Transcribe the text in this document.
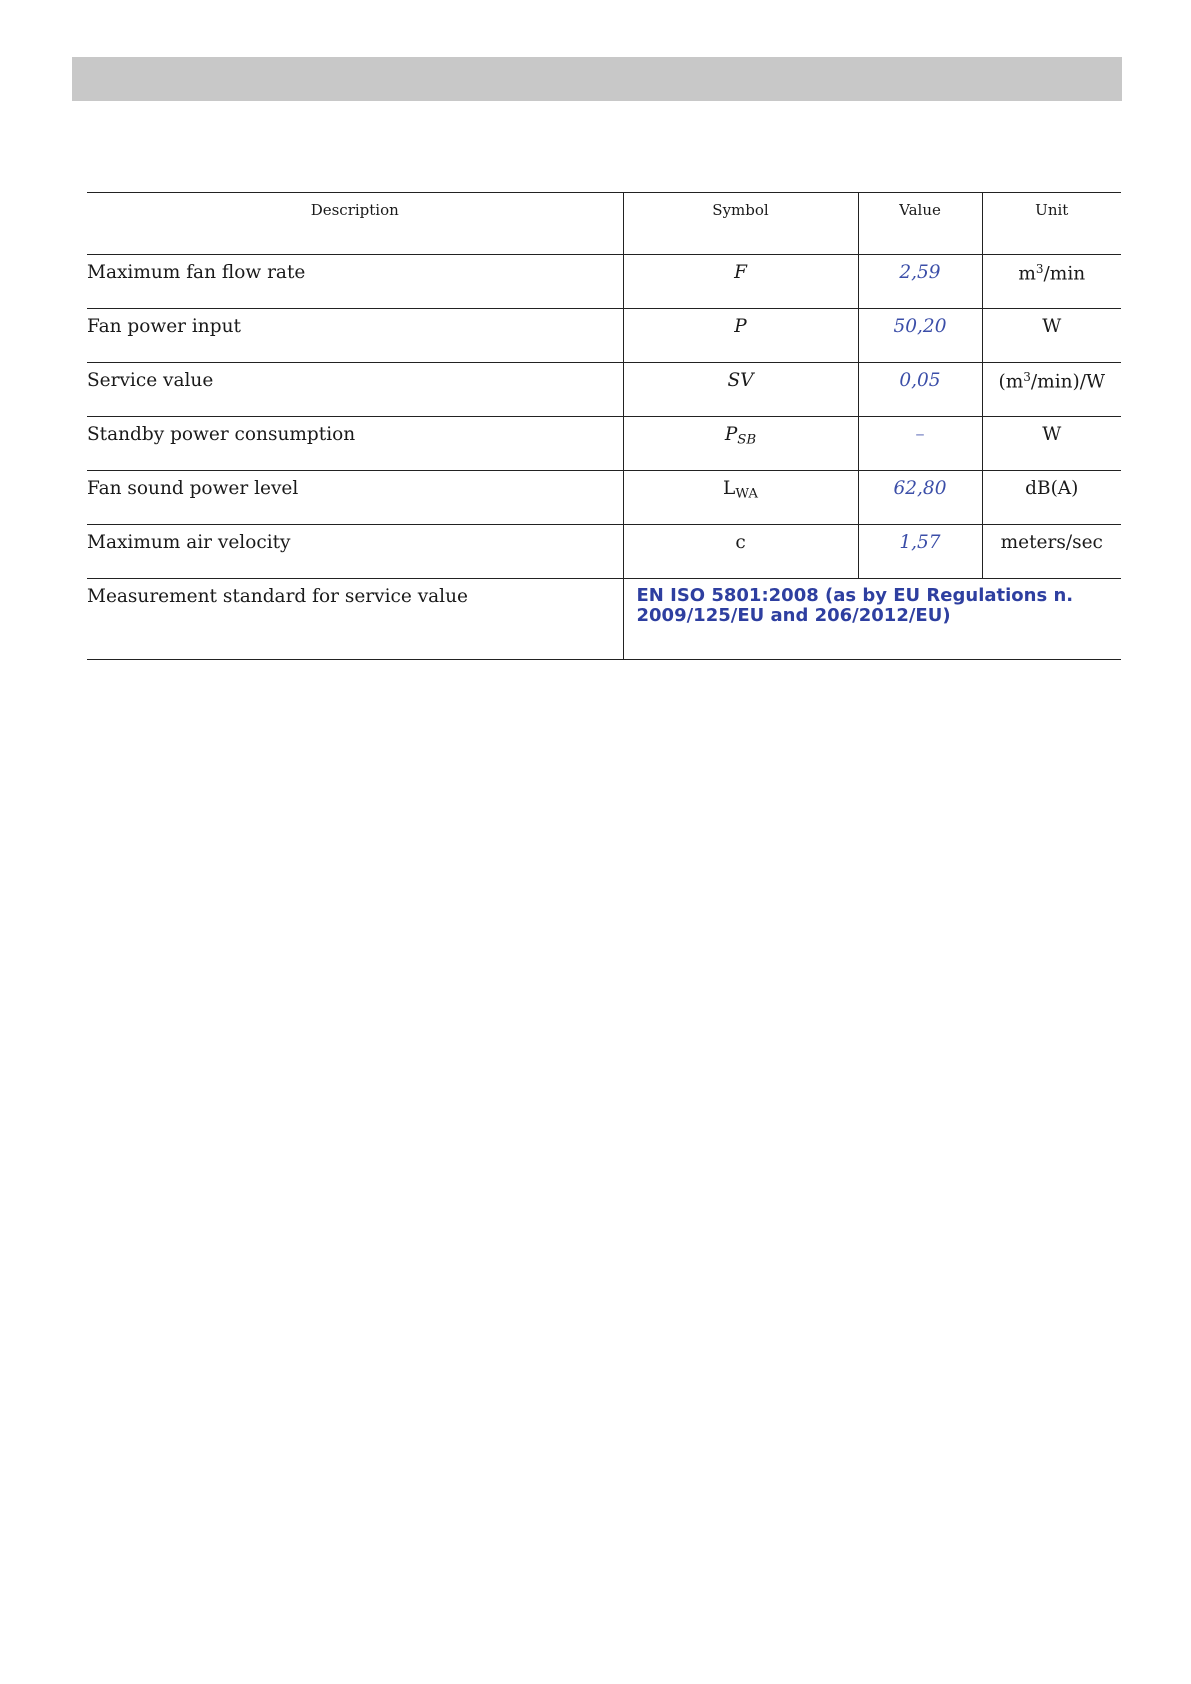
Description	Symbol	Value	Unit
Maximum fan flow rate	F	2,59	$m^3/\min$
Fan power input	P	50,20	W
Service value	SV	0,05	$(m^3/\min)/W$
Standby power consumption	$P_{SB}$	–	W
Fan sound power level	$L_{WA}$	62,80	dB(A)
Maximum air velocity	c	1,57	meters/sec
Measurement standard for service value	EN ISO 5801:2008 (as by EU Regulations n. 2009/125/EU and 206/2012/EU)		
